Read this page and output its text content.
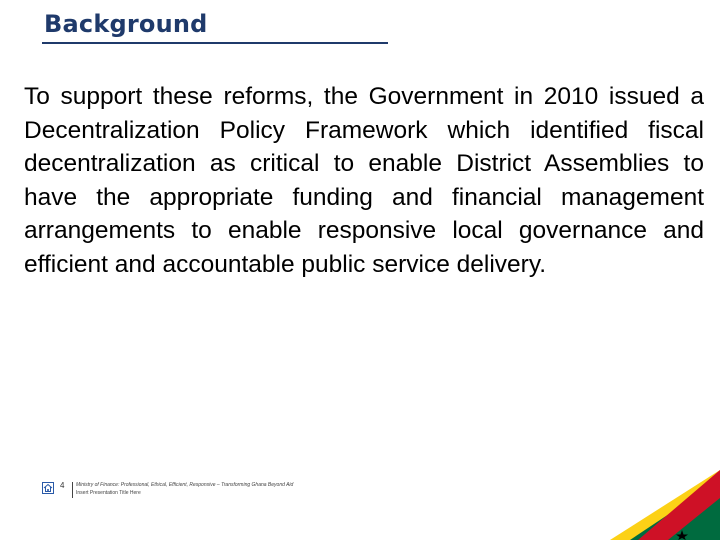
Background

To support these reforms, the Government in 2010 issued a Decentralization Policy Framework which identified fiscal decentralization as critical to enable District Assemblies to have the appropriate funding and financial management arrangements to enable responsive local governance and efficient and accountable public service delivery.

4 Ministry of Finance: Professional, Ethical, Efficient, Responsive – Transforming Ghana Beyond Aid
Insert Presentation Title Here
